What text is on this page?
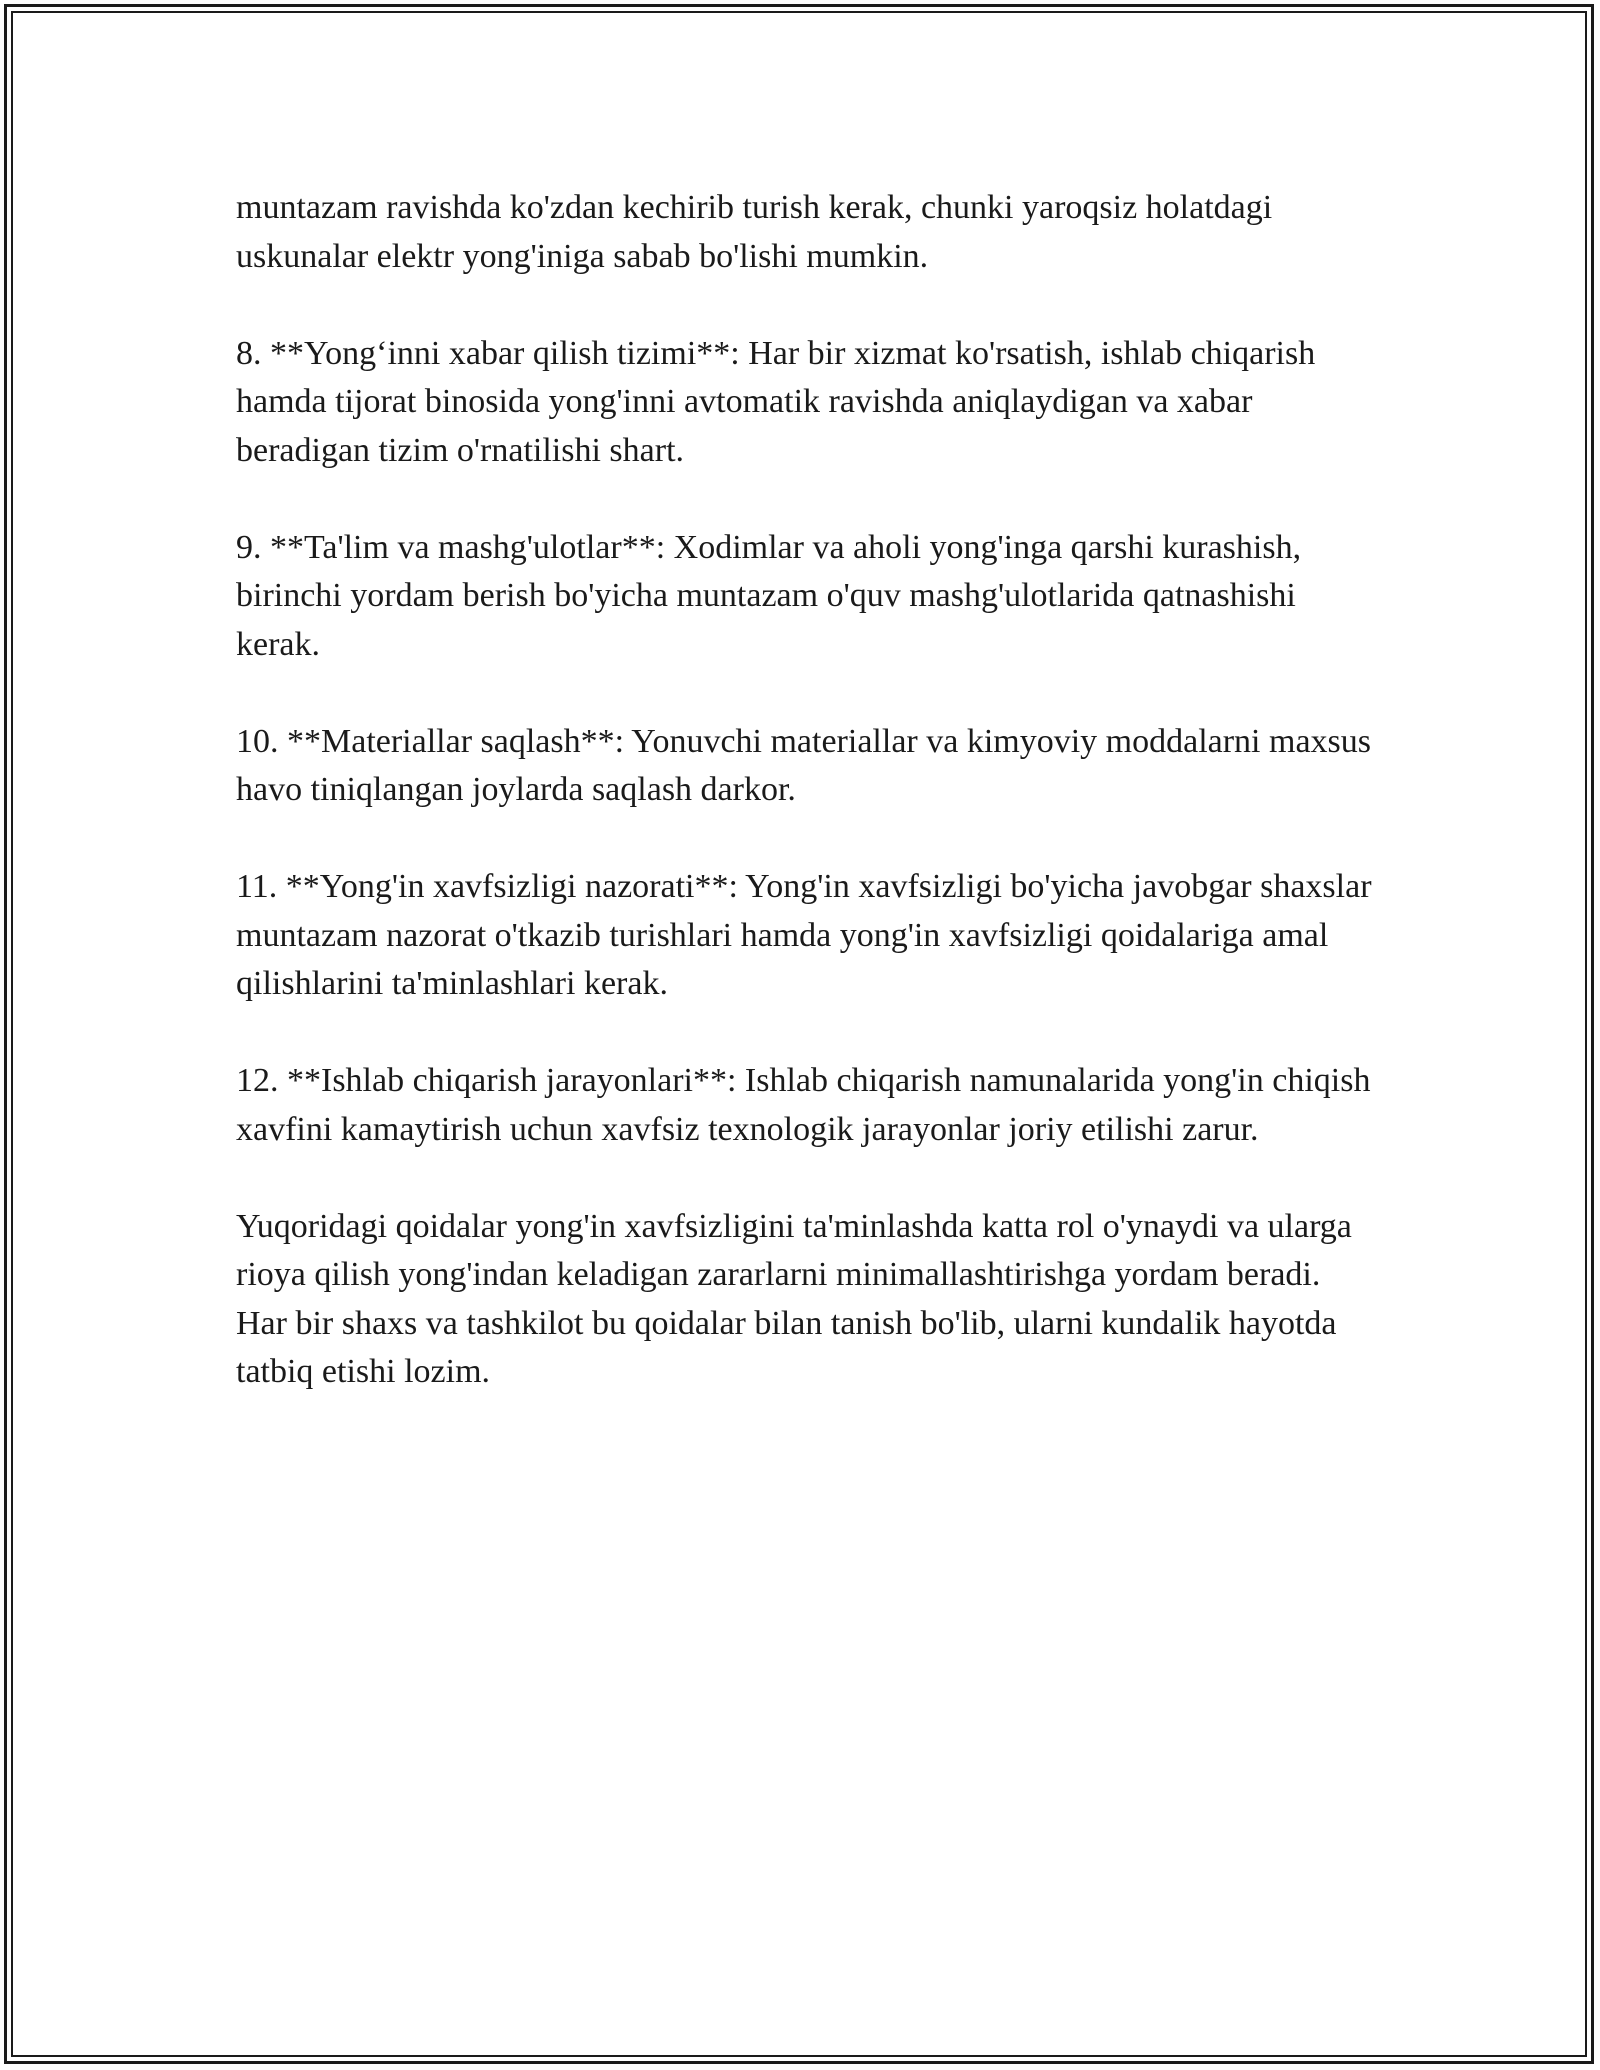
muntazam ravishda ko'zdan kechirib turish kerak, chunki yaroqsiz holatdagi uskunalar elektr yong'iniga sabab bo'lishi mumkin.

8. **Yong‘inni xabar qilish tizimi**: Har bir xizmat ko'rsatish, ishlab chiqarish hamda tijorat binosida yong'inni avtomatik ravishda aniqlaydigan va xabar beradigan tizim o'rnatilishi shart.

9. **Ta'lim va mashg'ulotlar**: Xodimlar va aholi yong'inga qarshi kurashish, birinchi yordam berish bo'yicha muntazam o'quv mashg'ulotlarida qatnashishi kerak.

10. **Materiallar saqlash**: Yonuvchi materiallar va kimyoviy moddalarni maxsus havo tiniqlangan joylarda saqlash darkor.

11. **Yong'in xavfsizligi nazorati**: Yong'in xavfsizligi bo'yicha javobgar shaxslar muntazam nazorat o'tkazib turishlari hamda yong'in xavfsizligi qoidalariga amal qilishlarini ta'minlashlari kerak.

12. **Ishlab chiqarish jarayonlari**: Ishlab chiqarish namunalarida yong'in chiqish xavfini kamaytirish uchun xavfsiz texnologik jarayonlar joriy etilishi zarur.

Yuqoridagi qoidalar yong'in xavfsizligini ta'minlashda katta rol o'ynaydi va ularga rioya qilish yong'indan keladigan zararlarni minimallashtirishga yordam beradi. Har bir shaxs va tashkilot bu qoidalar bilan tanish bo'lib, ularni kundalik hayotda tatbiq etishi lozim.
